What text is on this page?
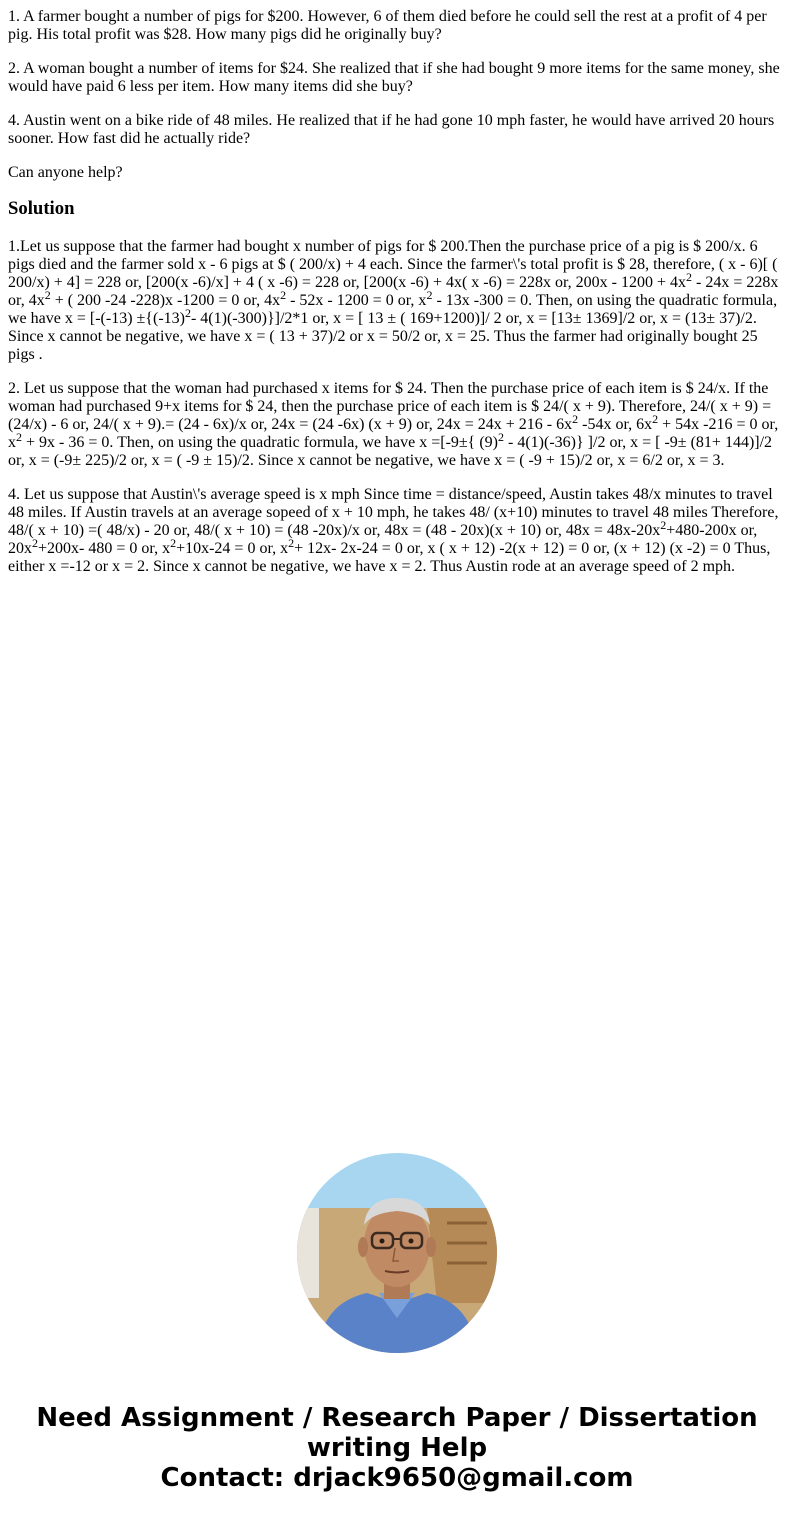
1. A farmer bought a number of pigs for $200. However, 6 of them died before he could sell the rest at a profit of 4 per pig. His total profit was $28. How many pigs did he originally buy?

2. A woman bought a number of items for $24. She realized that if she had bought 9 more items for the same money, she would have paid 6 less per item. How many items did she buy?

4. Austin went on a bike ride of 48 miles. He realized that if he had gone 10 mph faster, he would have arrived 20 hours sooner. How fast did he actually ride?

Can anyone help?

Solution

1.Let us suppose that the farmer had bought x number of pigs for $ 200.Then the purchase price of a pig is $ 200/x. 6 pigs died and the farmer sold x - 6 pigs at $ ( 200/x) + 4 each. Since the farmer\'s total profit is $ 28, therefore, ( x - 6)[ ( 200/x) + 4] = 228 or, [200(x -6)/x] + 4 ( x -6) = 228 or, [200(x -6) + 4x( x -6) = 228x or, $200x - 1200 + 4x^2 - 24x = 228x$ or, $4x^2$ + ( 200 -24 -228)x -1200 = 0 or, $4x^2 - 52x - 1200 = 0$ or, $x^2 - 13x$ -300 = 0. Then, on using the quadratic formula, we have $x = [-(-13) \pm\{(-13)^2-$ 4(1)(-300)}]/2*1 or, x = [ 13 ± ( 169+1200)]/ 2 or, x = [13± 1369]/2 or, x = (13± 37)/2. Since x cannot be negative, we have x = ( 13 + 37)/2 or x = 50/2 or, x = 25. Thus the farmer had originally bought 25 pigs .

2. Let us suppose that the woman had purchased x items for $ 24. Then the purchase price of each item is $ 24/x. If the woman had purchased 9+x items for $ 24, then the purchase price of each item is $ 24/( x + 9). Therefore, 24/( x + 9) = (24/x) - 6 or, 24/( x + 9).= (24 - 6x)/x or, 24x = (24 -6x) (x + 9) or, $24x = 24x + 216 - 6x^2$ -54x or, $6x^2 + 54x$ -216 = 0 or, $x^2 + 9x - 36 = 0$. Then, on using the quadratic formula, we have x =[-9±{ $(9)^2 - 4(1)(-36)$} ]/2 or, x = [ -9± (81+ 144)]/2 or, x = (-9± 225)/2 or, x = ( -9 ± 15)/2. Since x cannot be negative, we have x = ( -9 + 15)/2 or, x = 6/2 or, x = 3.

4. Let us suppose that Austin\'s average speed is x mph Since time = distance/speed, Austin takes 48/x minutes to travel 48 miles. If Austin travels at an average sopeed of x + 10 mph, he takes 48/ (x+10) minutes to travel 48 miles Therefore, 48/( x + 10) =( 48/x) - 20 or, 48/( x + 10) = (48 -20x)/x or, 48x = (48 - 20x)(x + 10) or, $48x = 48x-20x^2+480-200x$ or, $20x^2+200x-$ 480 = 0 or, $x^2+10x-24 = 0$ or, $x^2+ 12x-$ 2x-24 = 0 or, x ( x + 12) -2(x + 12) = 0 or, (x + 12) (x -2) = 0 Thus, either x =-12 or x = 2. Since x cannot be negative, we have x = 2. Thus Austin rode at an average speed of 2 mph.

Need Assignment / Research Paper / Dissertation writing Help
Contact: drjack9650@gmail.com
